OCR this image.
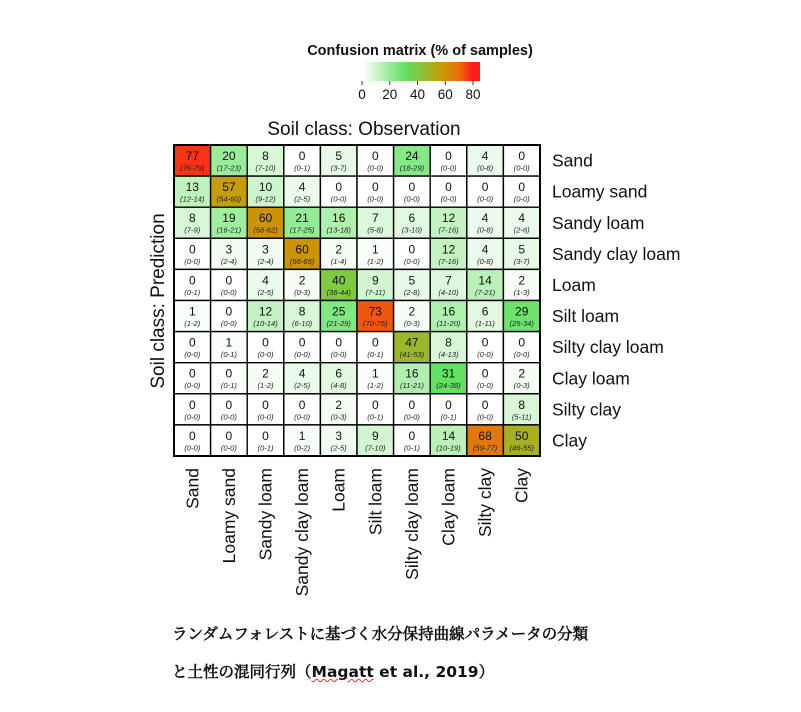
Confusion matrix (% of samples)
0 20 40 60 80
Soil class: Observation
Soil class: Prediction
77
(76-79)
20
(17-23)
8
(7-10)
0
(0-1)
5
(3-7)
0
(0-0)
24
(18-29)
0
(0-0)
4
(0-8)
0
(0-0)
13
(12-14)
57
(54-60)
10
(9-12)
4
(2-5)
0
(0-0)
0
(0-0)
0
(0-0)
0
(0-0)
0
(0-0)
0
(0-0)
8
(7-9)
19
(16-21)
60
(58-62)
21
(17-25)
16
(13-18)
7
(5-8)
6
(3-10)
12
(7-16)
4
(0-8)
4
(2-6)
0
(0-0)
3
(2-4)
3
(2-4)
60
(56-65)
2
(1-4)
1
(1-2)
0
(0-0)
12
(7-16)
4
(0-8)
5
(3-7)
0
(0-1)
0
(0-0)
4
(2-5)
2
(0-3)
40
(36-44)
9
(7-11)
5
(2-8)
7
(4-10)
14
(7-21)
2
(1-3)
1
(1-2)
0
(0-0)
12
(10-14)
8
(6-10)
25
(21-29)
73
(70-75)
2
(0-3)
16
(11-20)
6
(1-11)
29
(25-34)
0
(0-0)
1
(0-1)
0
(0-0)
0
(0-0)
0
(0-0)
0
(0-1)
47
(41-53)
8
(4-13)
0
(0-0)
0
(0-0)
0
(0-0)
0
(0-1)
2
(1-2)
4
(2-5)
6
(4-8)
1
(1-2)
16
(11-21)
31
(24-38)
0
(0-0)
2
(0-3)
0
(0-0)
0
(0-0)
0
(0-0)
0
(0-0)
2
(0-3)
0
(0-1)
0
(0-0)
0
(0-1)
0
(0-0)
8
(5-11)
0
(0-0)
0
(0-0)
0
(0-1)
1
(0-2)
3
(2-5)
9
(7-10)
0
(0-1)
14
(10-19)
68
(59-77)
50
(46-55)
Sand
Loamy sand
Sandy loam
Sandy clay loam
Loam
Silt loam
Silty clay loam
Clay loam
Silty clay
Clay
Sand Loamy sand Sandy loam Sandy clay loam Loam Silt loam Silty clay loam Clay loam Silty clay Clay
ランダムフォレストに基づく水分保持曲線パラメータの分類
と土性の混同行列（Magatt et al., 2019）
